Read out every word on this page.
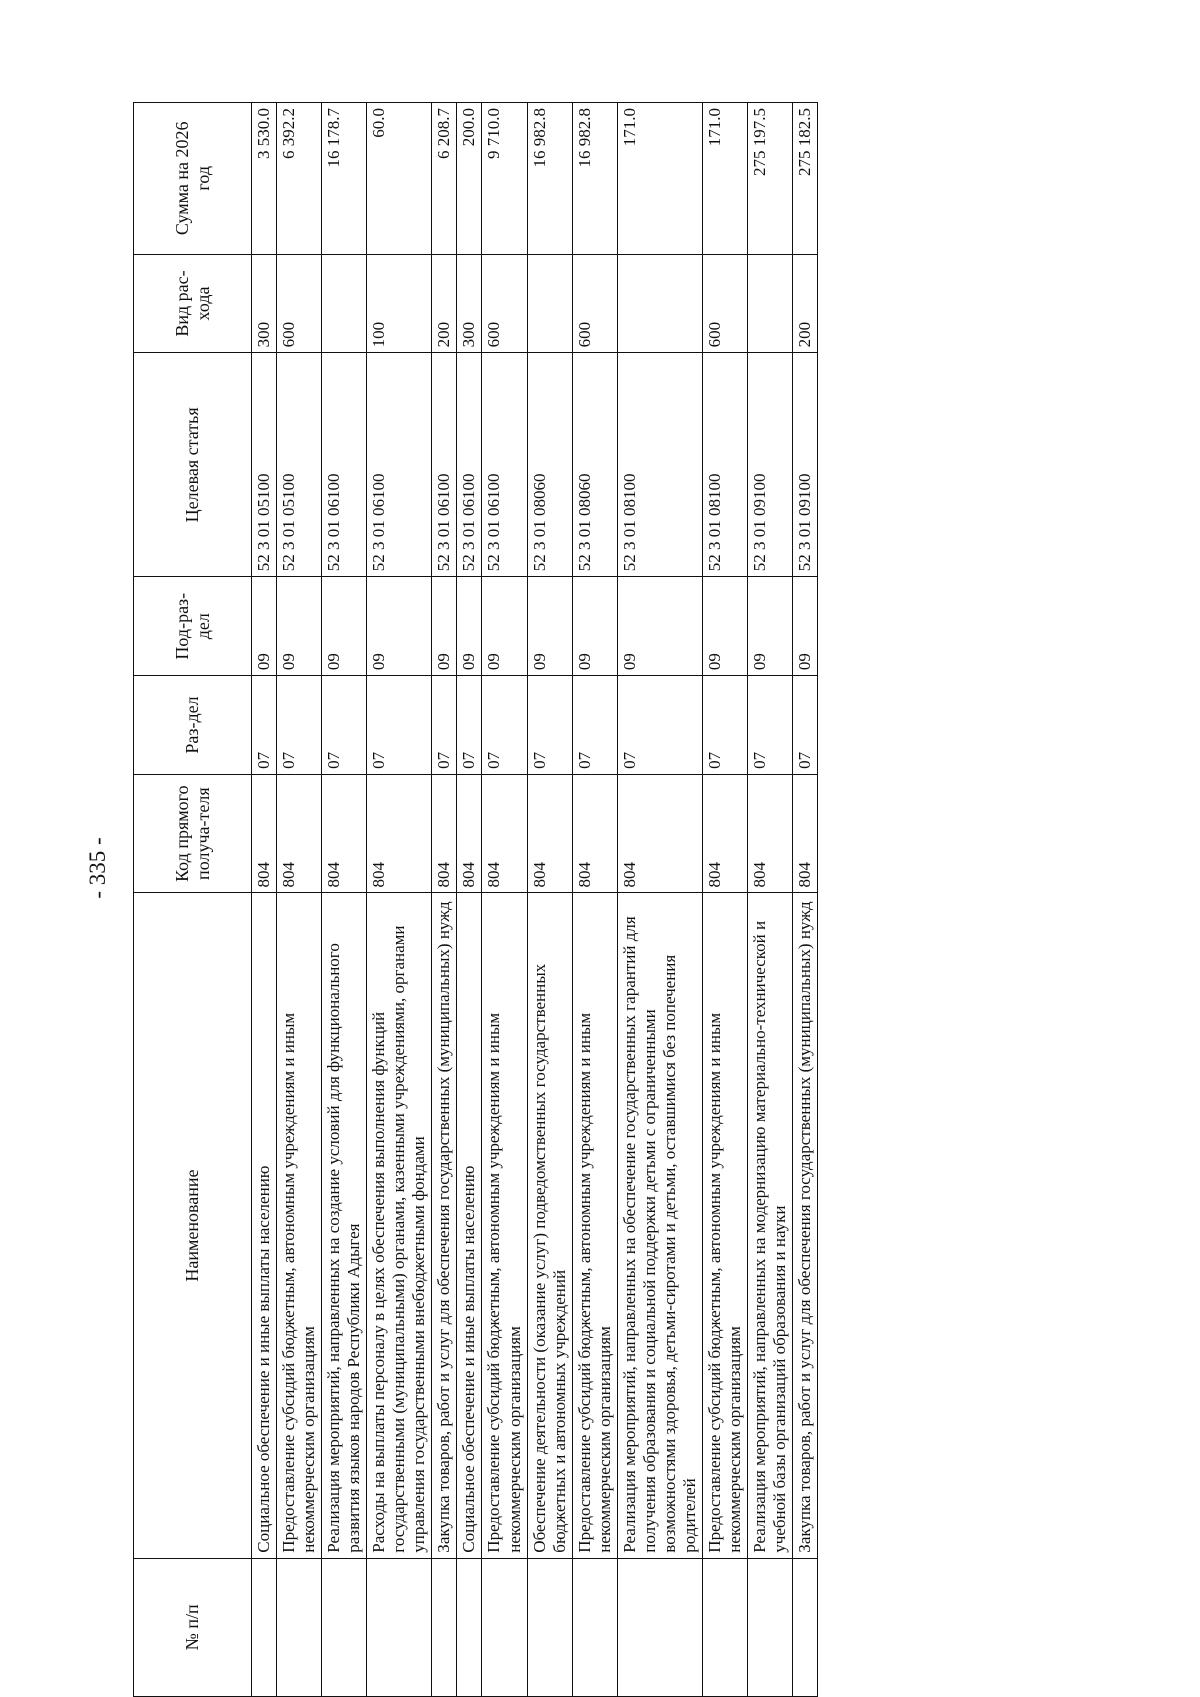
- 335 -
№ п/п	Наименование	Код прямого получа-теля	Раз-дел	Под-раз-дел	Целевая статья	Вид рас-хода	Сумма на 2026 год
	Социальное обеспечение и иные выплаты населению	804	07	09	52 3 01 05100	300	3 530.0
	Предоставление субсидий бюджетным, автономным учреждениям и иным некоммерческим организациям	804	07	09	52 3 01 05100	600	6 392.2
	Реализация мероприятий, направленных на создание условий для функционального развития языков народов Республики Адыгея	804	07	09	52 3 01 06100		16 178.7
	Расходы на выплаты персоналу в целях обеспечения выполнения функций государственными (муниципальными) органами, казенными учреждениями, органами управления государственными внебюджетными фондами	804	07	09	52 3 01 06100	100	60.0
	Закупка товаров, работ и услуг для обеспечения государственных (муниципальных) нужд	804	07	09	52 3 01 06100	200	6 208.7
	Социальное обеспечение и иные выплаты населению	804	07	09	52 3 01 06100	300	200.0
	Предоставление субсидий бюджетным, автономным учреждениям и иным некоммерческим организациям	804	07	09	52 3 01 06100	600	9 710.0
	Обеспечение деятельности (оказание услуг) подведомственных государственных бюджетных и автономных учреждений	804	07	09	52 3 01 08060		16 982.8
	Предоставление субсидий бюджетным, автономным учреждениям и иным некоммерческим организациям	804	07	09	52 3 01 08060	600	16 982.8
	Реализация мероприятий, направленных на обеспечение государственных гарантий для получения образования и социальной поддержки детьми с ограниченными возможностями здоровья, детьми-сиротами и детьми, оставшимися без попечения родителей	804	07	09	52 3 01 08100		171.0
	Предоставление субсидий бюджетным, автономным учреждениям и иным некоммерческим организациям	804	07	09	52 3 01 08100	600	171.0
	Реализация мероприятий, направленных на модернизацию материально-технической и учебной базы организаций образования и науки	804	07	09	52 3 01 09100		275 197.5
	Закупка товаров, работ и услуг для обеспечения государственных (муниципальных) нужд	804	07	09	52 3 01 09100	200	275 182.5
